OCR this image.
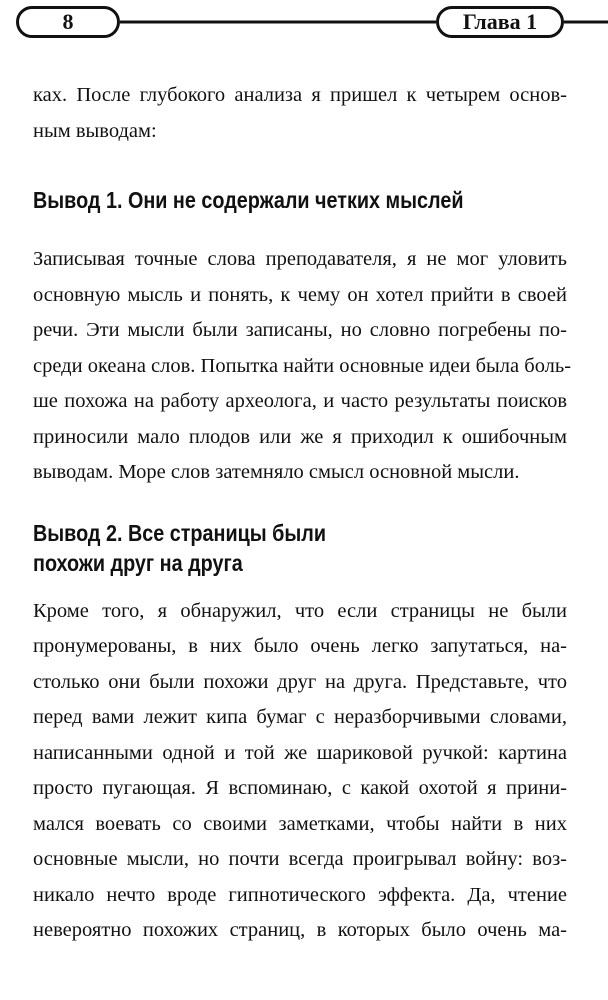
8	Глава 1

ках. После глубокого анализа я пришел к четырем основ-
ным выводам:

Вывод 1. Они не содержали четких мыслей

Записывая точные слова преподавателя, я не мог уловить
основную мысль и понять, к чему он хотел прийти в своей
речи. Эти мысли были записаны, но словно погребены по-
среди океана слов. Попытка найти основные идеи была боль-
ше похожа на работу археолога, и часто результаты поисков
приносили мало плодов или же я приходил к ошибочным
выводам. Море слов затемняло смысл основной мысли.

Вывод 2. Все страницы были
похожи друг на друга

Кроме того, я обнаружил, что если страницы не были
пронумерованы, в них было очень легко запутаться, на-
столько они были похожи друг на друга. Представьте, что
перед вами лежит кипа бумаг с неразборчивыми словами,
написанными одной и той же шариковой ручкой: картина
просто пугающая. Я вспоминаю, с какой охотой я прини-
мался воевать со своими заметками, чтобы найти в них
основные мысли, но почти всегда проигрывал войну: воз-
никало нечто вроде гипнотического эффекта. Да, чтение
невероятно похожих страниц, в которых было очень ма-
